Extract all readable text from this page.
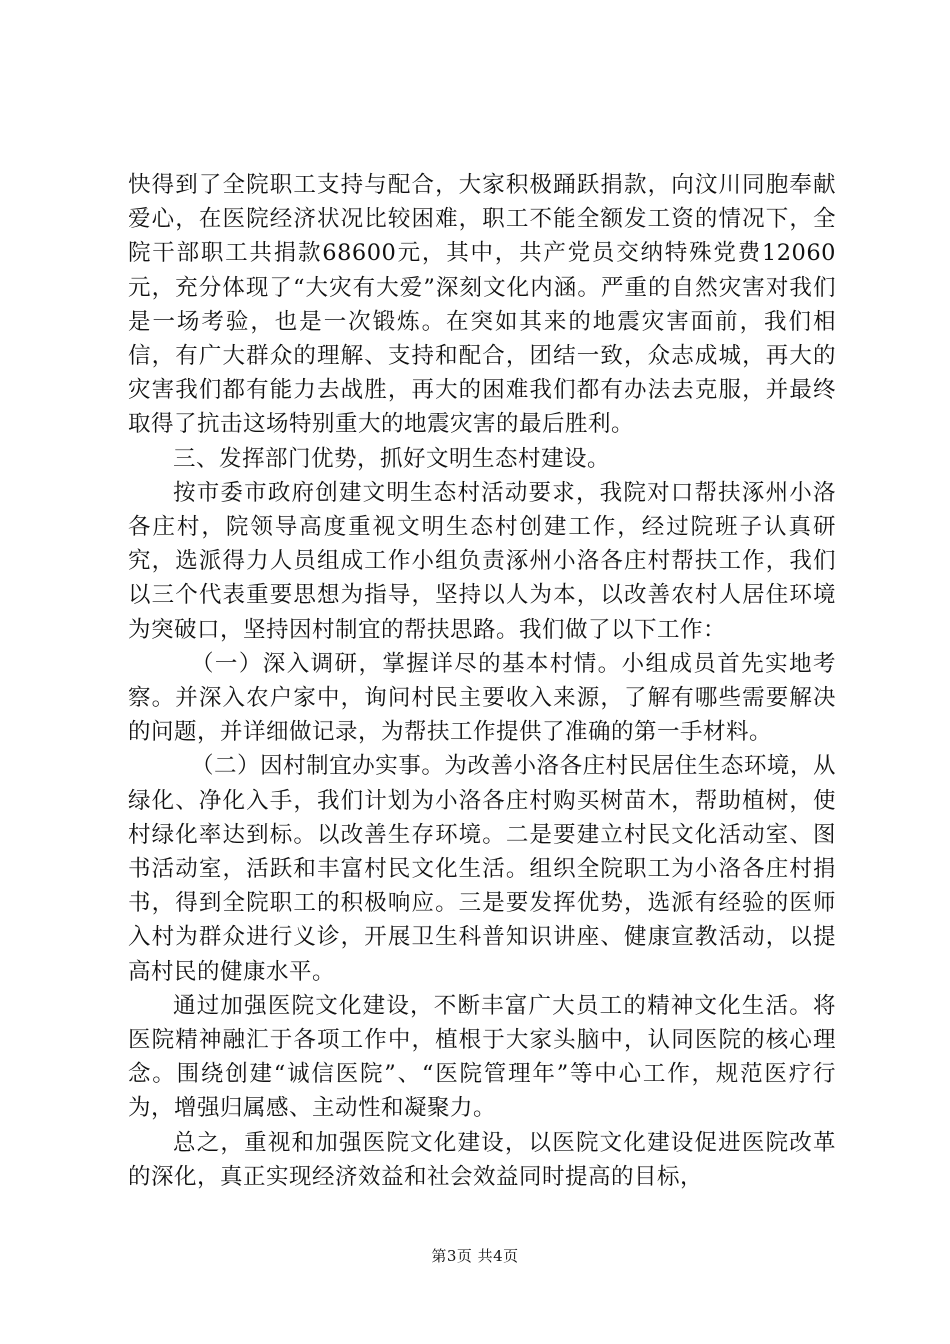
快得到了全院职工支持与配合，大家积极踊跃捐款，向汶川同胞奉献爱心，在医院经济状况比较困难，职工不能全额发工资的情况下，全院干部职工共捐款68600元，其中，共产党员交纳特殊党费12060元，充分体现了“大灾有大爱”深刻文化内涵。严重的自然灾害对我们是一场考验，也是一次锻炼。在突如其来的地震灾害面前，我们相信，有广大群众的理解、支持和配合，团结一致，众志成城，再大的灾害我们都有能力去战胜，再大的困难我们都有办法去克服，并最终取得了抗击这场特别重大的地震灾害的最后胜利。

三、发挥部门优势，抓好文明生态村建设。

按市委市政府创建文明生态村活动要求，我院对口帮扶涿州小洛各庄村，院领导高度重视文明生态村创建工作，经过院班子认真研究，选派得力人员组成工作小组负责涿州小洛各庄村帮扶工作，我们以三个代表重要思想为指导，坚持以人为本，以改善农村人居住环境为突破口，坚持因村制宜的帮扶思路。我们做了以下工作：

（一）深入调研，掌握详尽的基本村情。小组成员首先实地考察。并深入农户家中，询问村民主要收入来源，了解有哪些需要解决的问题，并详细做记录，为帮扶工作提供了准确的第一手材料。

（二）因村制宜办实事。为改善小洛各庄村民居住生态环境，从绿化、净化入手，我们计划为小洛各庄村购买树苗木，帮助植树，使村绿化率达到标。以改善生存环境。二是要建立村民文化活动室、图书活动室，活跃和丰富村民文化生活。组织全院职工为小洛各庄村捐书，得到全院职工的积极响应。三是要发挥优势，选派有经验的医师入村为群众进行义诊，开展卫生科普知识讲座、健康宣教活动，以提高村民的健康水平。

通过加强医院文化建设，不断丰富广大员工的精神文化生活。将医院精神融汇于各项工作中，植根于大家头脑中，认同医院的核心理念。围绕创建“诚信医院”、“医院管理年”等中心工作，规范医疗行为，增强归属感、主动性和凝聚力。

总之，重视和加强医院文化建设，以医院文化建设促进医院改革的深化，真正实现经济效益和社会效益同时提高的目标，

第3页 共4页
